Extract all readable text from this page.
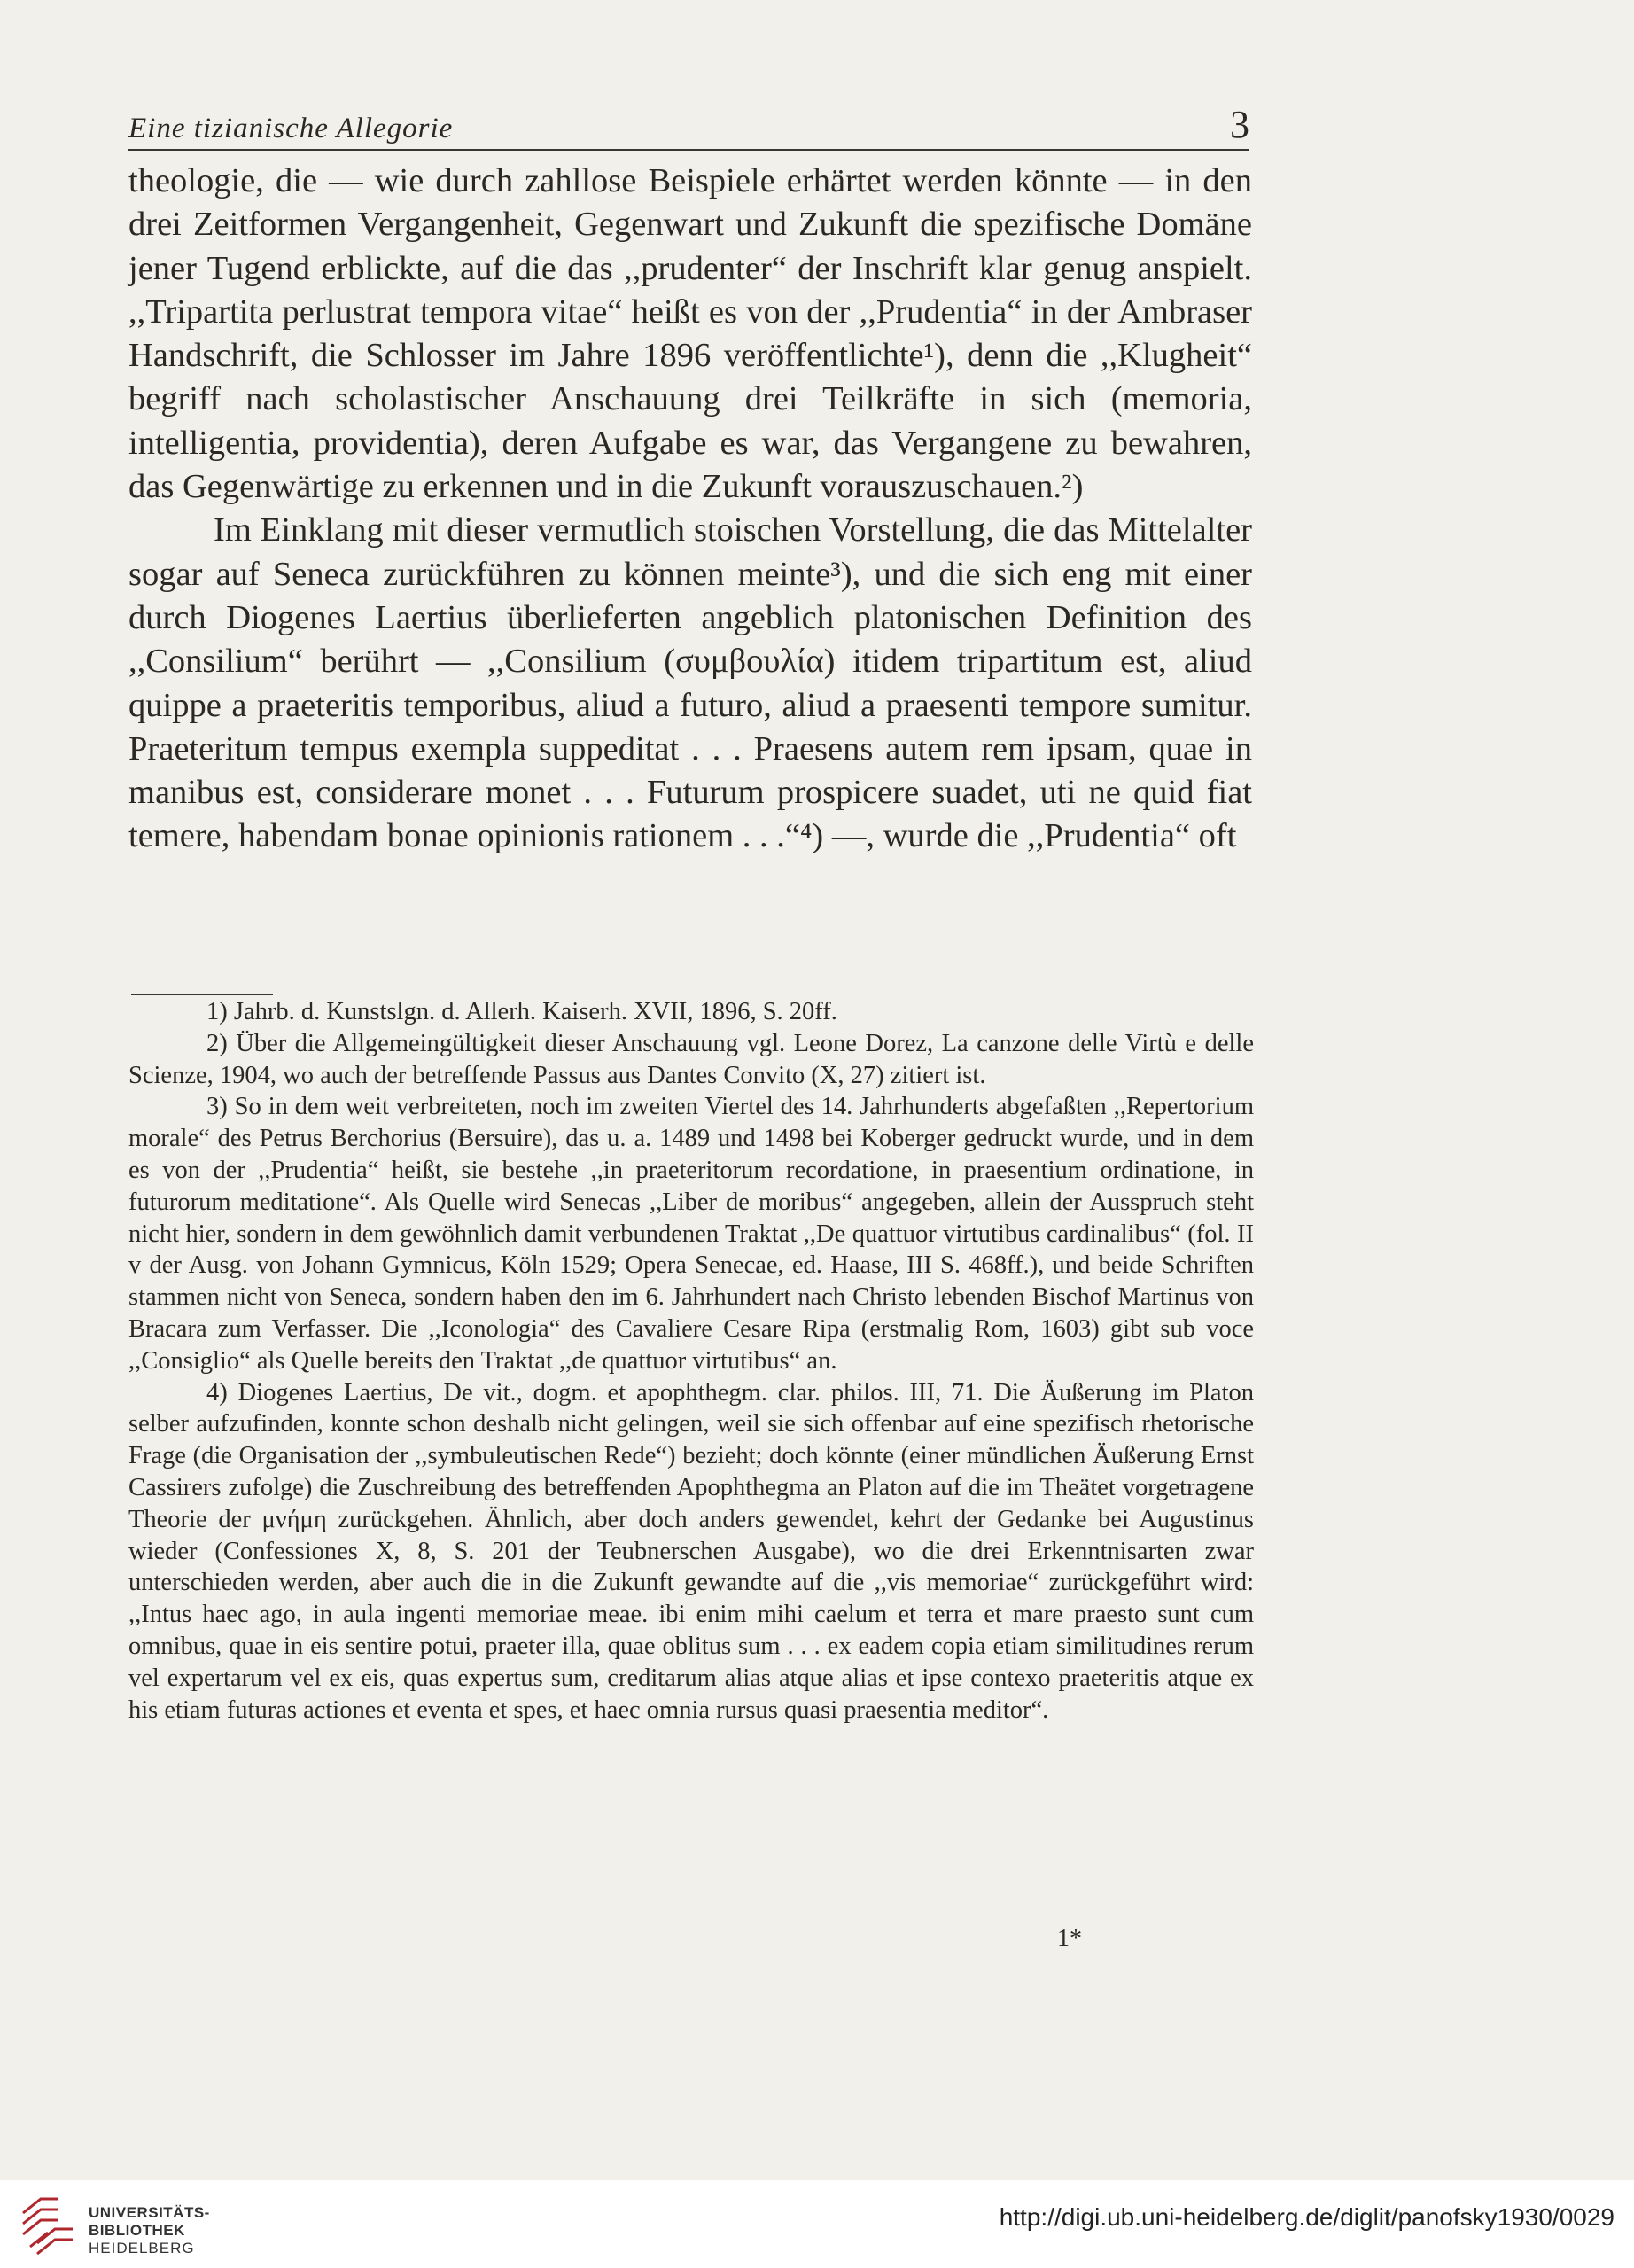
Eine tizianische Allegorie	3

theologie, die — wie durch zahllose Beispiele erhärtet werden könnte — in den drei Zeitformen Vergangenheit, Gegenwart und Zukunft die spezifische Domäne jener Tugend erblickte, auf die das ,,prudenter“ der Inschrift klar genug anspielt. ,,Tripartita perlustrat tempora vitae“ heißt es von der ,,Prudentia“ in der Ambraser Handschrift, die Schlosser im Jahre 1896 veröffentlichte¹), denn die ,,Klugheit“ begriff nach scholastischer Anschauung drei Teilkräfte in sich (memoria, intelligentia, providentia), deren Aufgabe es war, das Vergangene zu bewahren, das Gegenwärtige zu erkennen und in die Zukunft vorauszuschauen.²)

Im Einklang mit dieser vermutlich stoischen Vorstellung, die das Mittelalter sogar auf Seneca zurückführen zu können meinte³), und die sich eng mit einer durch Diogenes Laertius überlieferten angeblich platonischen Definition des ,,Consilium“ berührt — ,,Consilium (συμβουλία) itidem tripartitum est, aliud quippe a praeteritis temporibus, aliud a futuro, aliud a praesenti tempore sumitur. Praeteritum tempus exempla suppeditat . . . Praesens autem rem ipsam, quae in manibus est, considerare monet . . . Futurum prospicere suadet, uti ne quid fiat temere, habendam bonae opinionis rationem . . .“⁴) —, wurde die ,,Prudentia“ oft

1) Jahrb. d. Kunstslgn. d. Allerh. Kaiserh. XVII, 1896, S. 20ff.

2) Über die Allgemeingültigkeit dieser Anschauung vgl. Leone Dorez, La canzone delle Virtù e delle Scienze, 1904, wo auch der betreffende Passus aus Dantes Convito (X, 27) zitiert ist.

3) So in dem weit verbreiteten, noch im zweiten Viertel des 14. Jahrhunderts abgefaßten ,,Repertorium morale“ des Petrus Berchorius (Bersuire), das u. a. 1489 und 1498 bei Koberger gedruckt wurde, und in dem es von der ,,Prudentia“ heißt, sie bestehe ,,in praeteritorum recordatione, in praesentium ordinatione, in futurorum meditatione“. Als Quelle wird Senecas ,,Liber de moribus“ angegeben, allein der Ausspruch steht nicht hier, sondern in dem gewöhnlich damit verbundenen Traktat ,,De quattuor virtutibus cardinalibus“ (fol. II v der Ausg. von Johann Gymnicus, Köln 1529; Opera Senecae, ed. Haase, III S. 468ff.), und beide Schriften stammen nicht von Seneca, sondern haben den im 6. Jahrhundert nach Christo lebenden Bischof Martinus von Bracara zum Verfasser. Die ,,Iconologia“ des Cavaliere Cesare Ripa (erstmalig Rom, 1603) gibt sub voce ,,Consiglio“ als Quelle bereits den Traktat ,,de quattuor virtutibus“ an.

4) Diogenes Laertius, De vit., dogm. et apophthegm. clar. philos. III, 71. Die Äußerung im Platon selber aufzufinden, konnte schon deshalb nicht gelingen, weil sie sich offenbar auf eine spezifisch rhetorische Frage (die Organisation der ,,symbuleutischen Rede“) bezieht; doch könnte (einer mündlichen Äußerung Ernst Cassirers zufolge) die Zuschreibung des betreffenden Apophthegma an Platon auf die im Theätet vorgetragene Theorie der μνήμη zurückgehen. Ähnlich, aber doch anders gewendet, kehrt der Gedanke bei Augustinus wieder (Confessiones X, 8, S. 201 der Teubnerschen Ausgabe), wo die drei Erkenntnisarten zwar unterschieden werden, aber auch die in die Zukunft gewandte auf die ,,vis memoriae“ zurückgeführt wird: ,,Intus haec ago, in aula ingenti memoriae meae. ibi enim mihi caelum et terra et mare praesto sunt cum omnibus, quae in eis sentire potui, praeter illa, quae oblitus sum . . . ex eadem copia etiam similitudines rerum vel expertarum vel ex eis, quas expertus sum, creditarum alias atque alias et ipse contexo praeteritis atque ex his etiam futuras actiones et eventa et spes, et haec omnia rursus quasi praesentia meditor“.

1*
UNIVERSITÄTS-
BIBLIOTHEK
HEIDELBERG
http://digi.ub.uni-heidelberg.de/diglit/panofsky1930/0029
